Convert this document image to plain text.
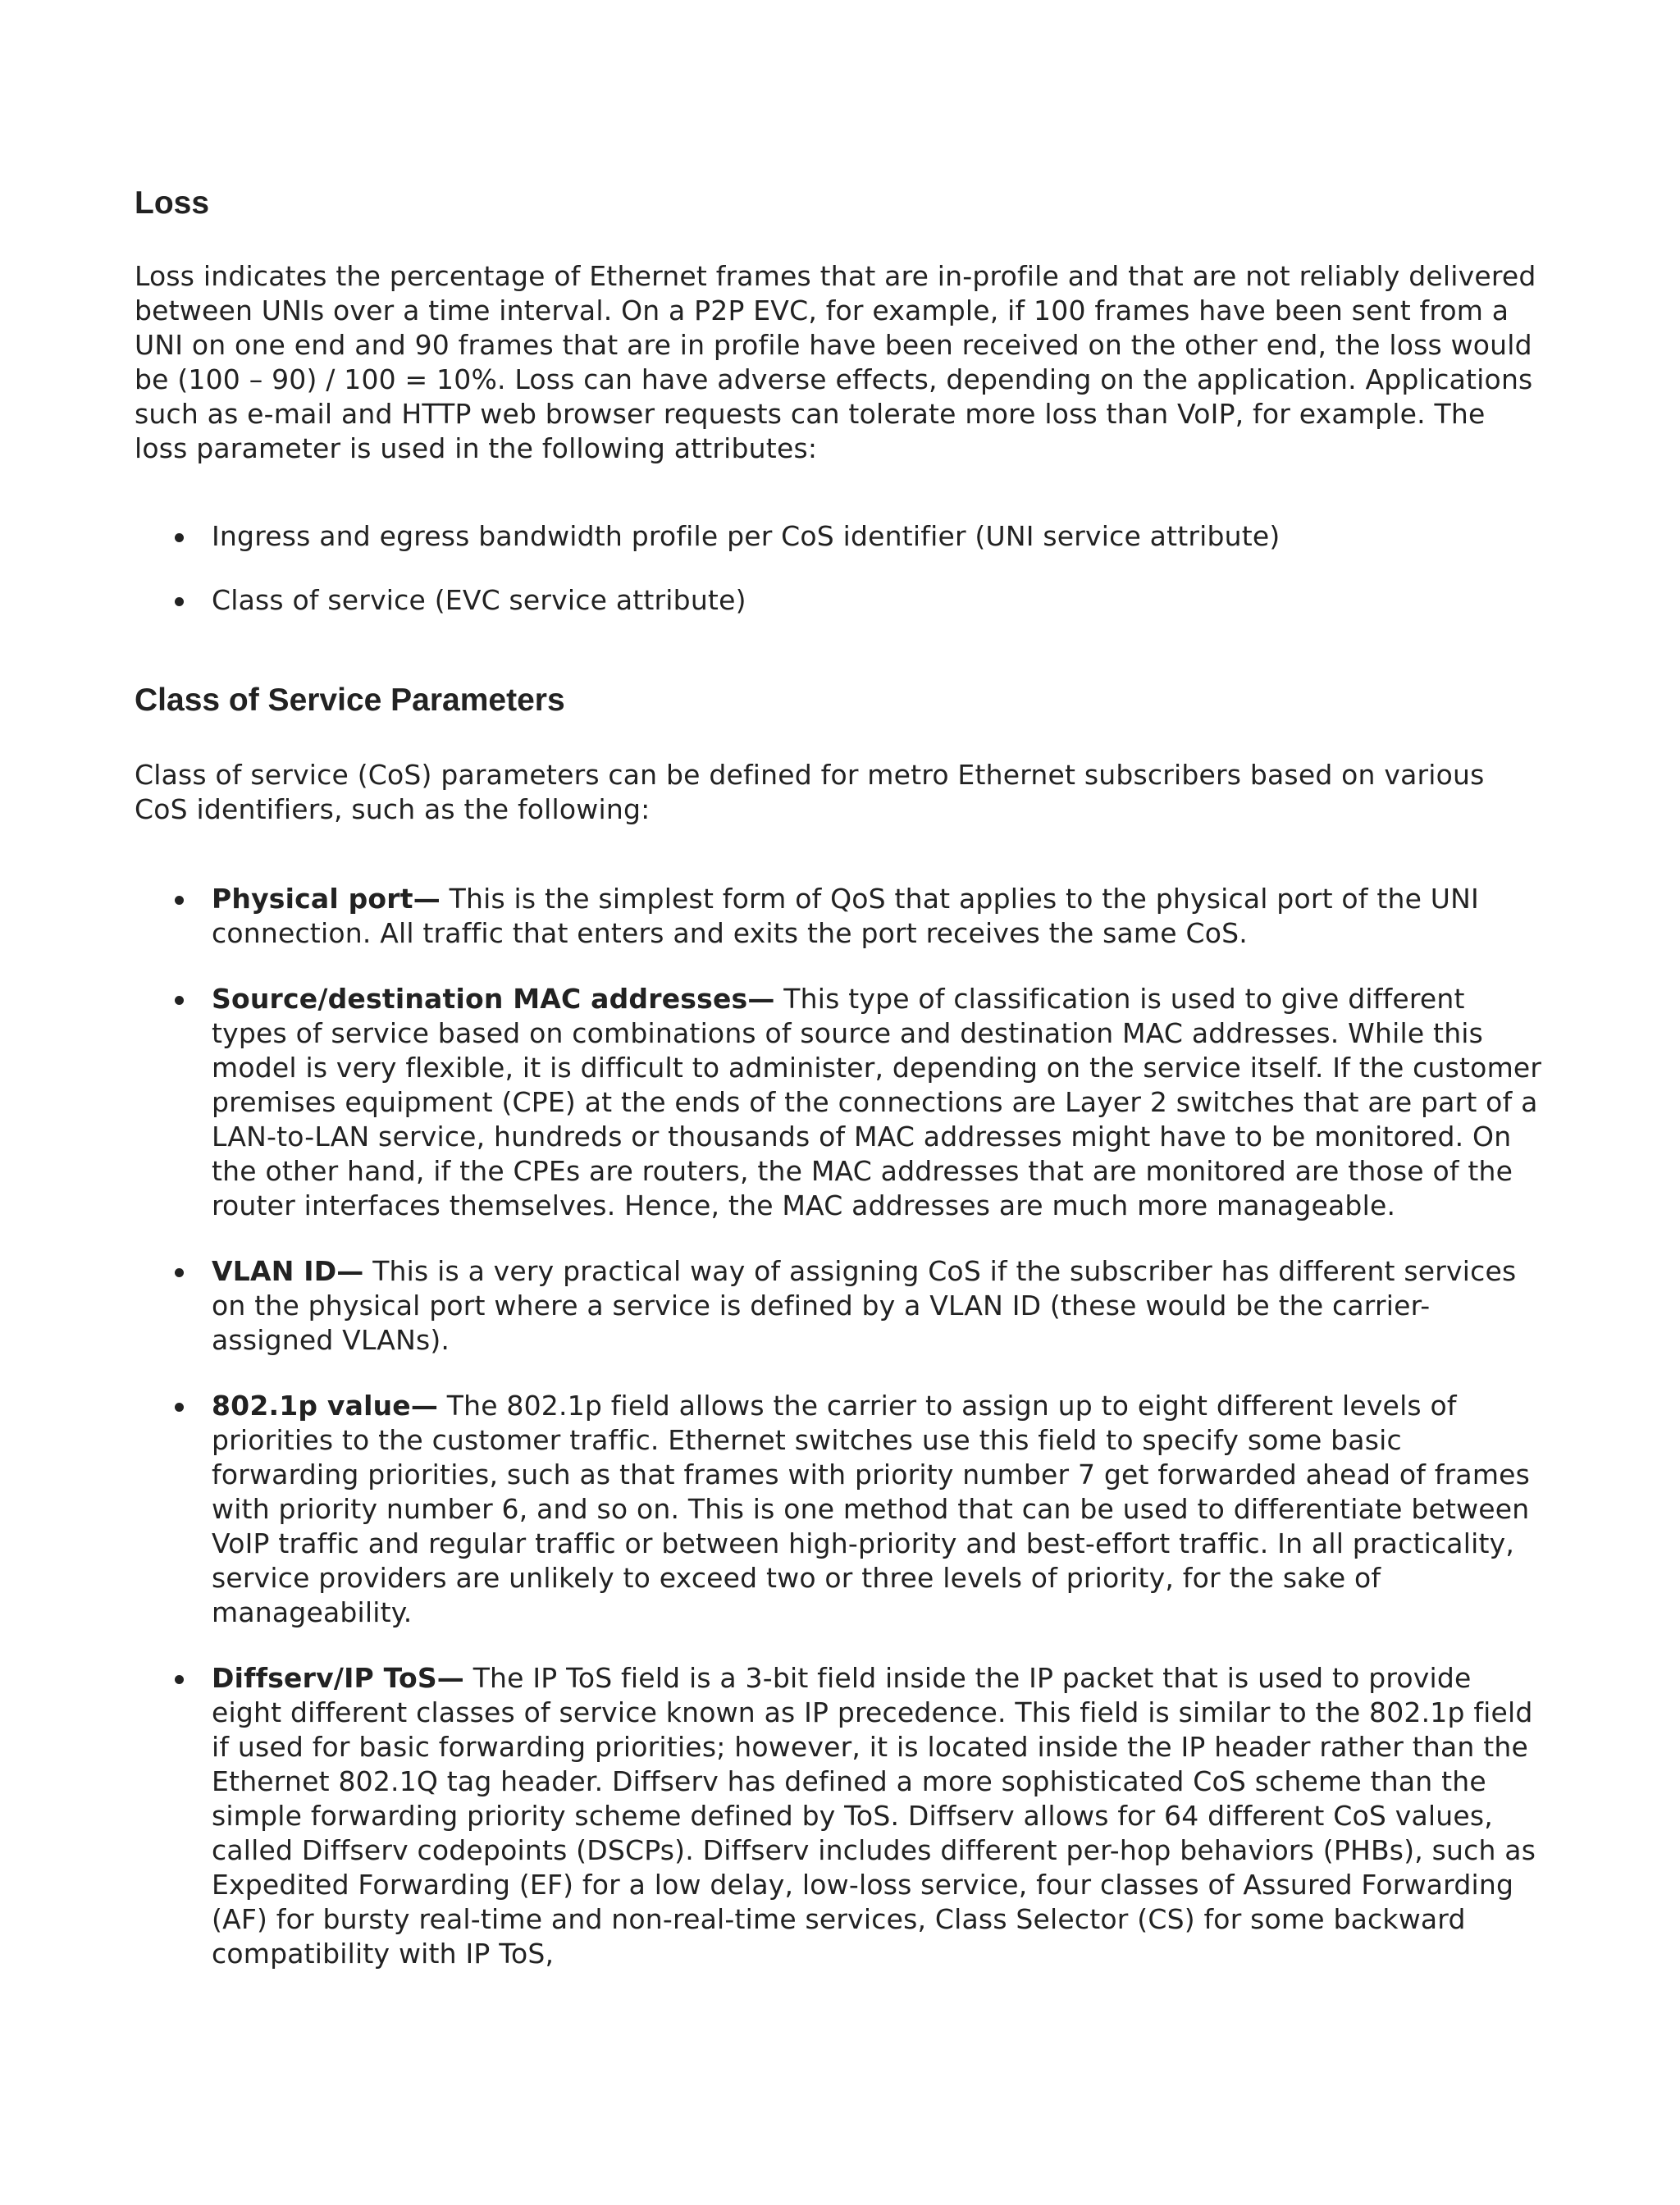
Loss

Loss indicates the percentage of Ethernet frames that are in-profile and that are not reliably delivered between UNIs over a time interval. On a P2P EVC, for example, if 100 frames have been sent from a UNI on one end and 90 frames that are in profile have been received on the other end, the loss would be (100 – 90) / 100 = 10%. Loss can have adverse effects, depending on the application. Applications such as e-mail and HTTP web browser requests can tolerate more loss than VoIP, for example. The loss parameter is used in the following attributes:

Ingress and egress bandwidth profile per CoS identifier (UNI service attribute)
Class of service (EVC service attribute)
Class of Service Parameters

Class of service (CoS) parameters can be defined for metro Ethernet subscribers based on various CoS identifiers, such as the following:

Physical port— This is the simplest form of QoS that applies to the physical port of the UNI connection. All traffic that enters and exits the port receives the same CoS.
Source/destination MAC addresses— This type of classification is used to give different types of service based on combinations of source and destination MAC addresses. While this model is very flexible, it is difficult to administer, depending on the service itself. If the customer premises equipment (CPE) at the ends of the connections are Layer 2 switches that are part of a LAN-to-LAN service, hundreds or thousands of MAC addresses might have to be monitored. On the other hand, if the CPEs are routers, the MAC addresses that are monitored are those of the router interfaces themselves. Hence, the MAC addresses are much more manageable.
VLAN ID— This is a very practical way of assigning CoS if the subscriber has different services on the physical port where a service is defined by a VLAN ID (these would be the carrier-assigned VLANs).
802.1p value— The 802.1p field allows the carrier to assign up to eight different levels of priorities to the customer traffic. Ethernet switches use this field to specify some basic forwarding priorities, such as that frames with priority number 7 get forwarded ahead of frames with priority number 6, and so on. This is one method that can be used to differentiate between VoIP traffic and regular traffic or between high-priority and best-effort traffic. In all practicality, service providers are unlikely to exceed two or three levels of priority, for the sake of manageability.
Diffserv/IP ToS— The IP ToS field is a 3-bit field inside the IP packet that is used to provide eight different classes of service known as IP precedence. This field is similar to the 802.1p field if used for basic forwarding priorities; however, it is located inside the IP header rather than the Ethernet 802.1Q tag header. Diffserv has defined a more sophisticated CoS scheme than the simple forwarding priority scheme defined by ToS. Diffserv allows for 64 different CoS values, called Diffserv codepoints (DSCPs). Diffserv includes different per-hop behaviors (PHBs), such as Expedited Forwarding (EF) for a low delay, low-loss service, four classes of Assured Forwarding (AF) for bursty real-time and non-real-time services, Class Selector (CS) for some backward compatibility with IP ToS,
